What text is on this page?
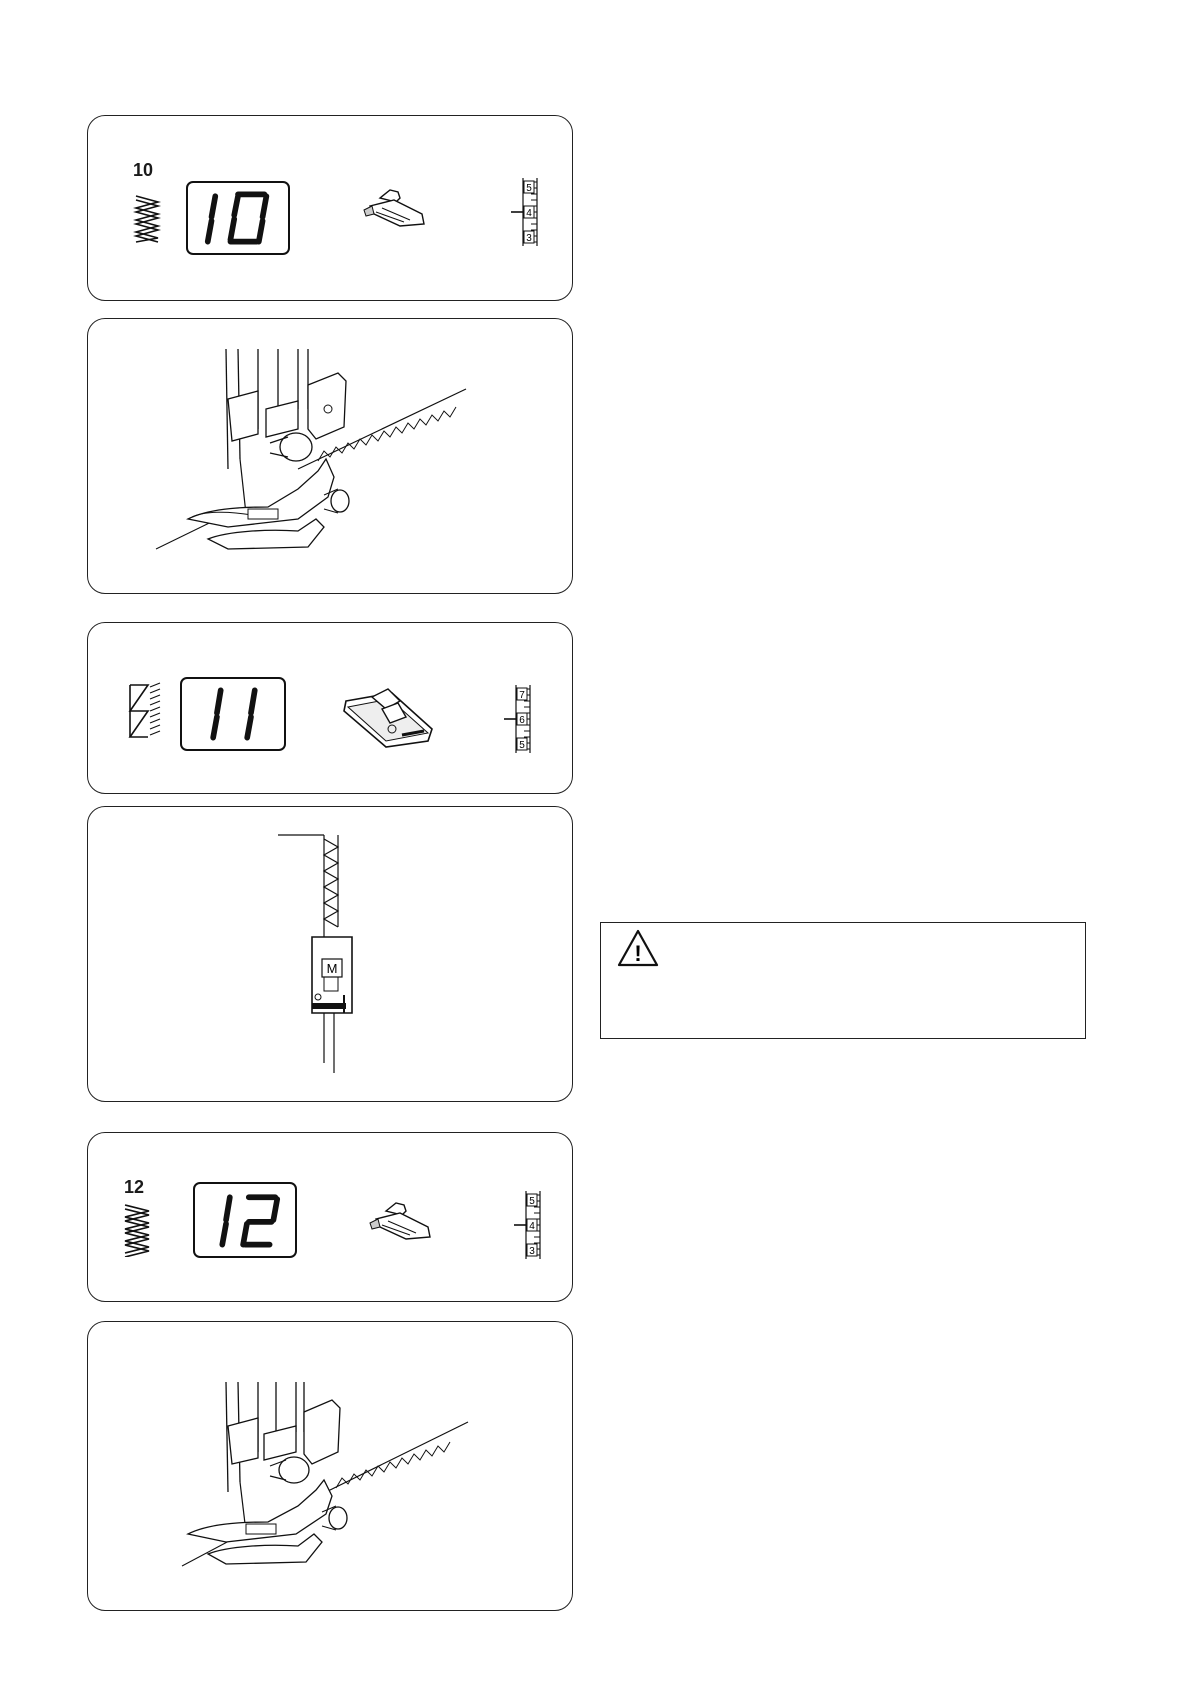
10
5
4
3
7
6
5
M
!
12
5
4
3
